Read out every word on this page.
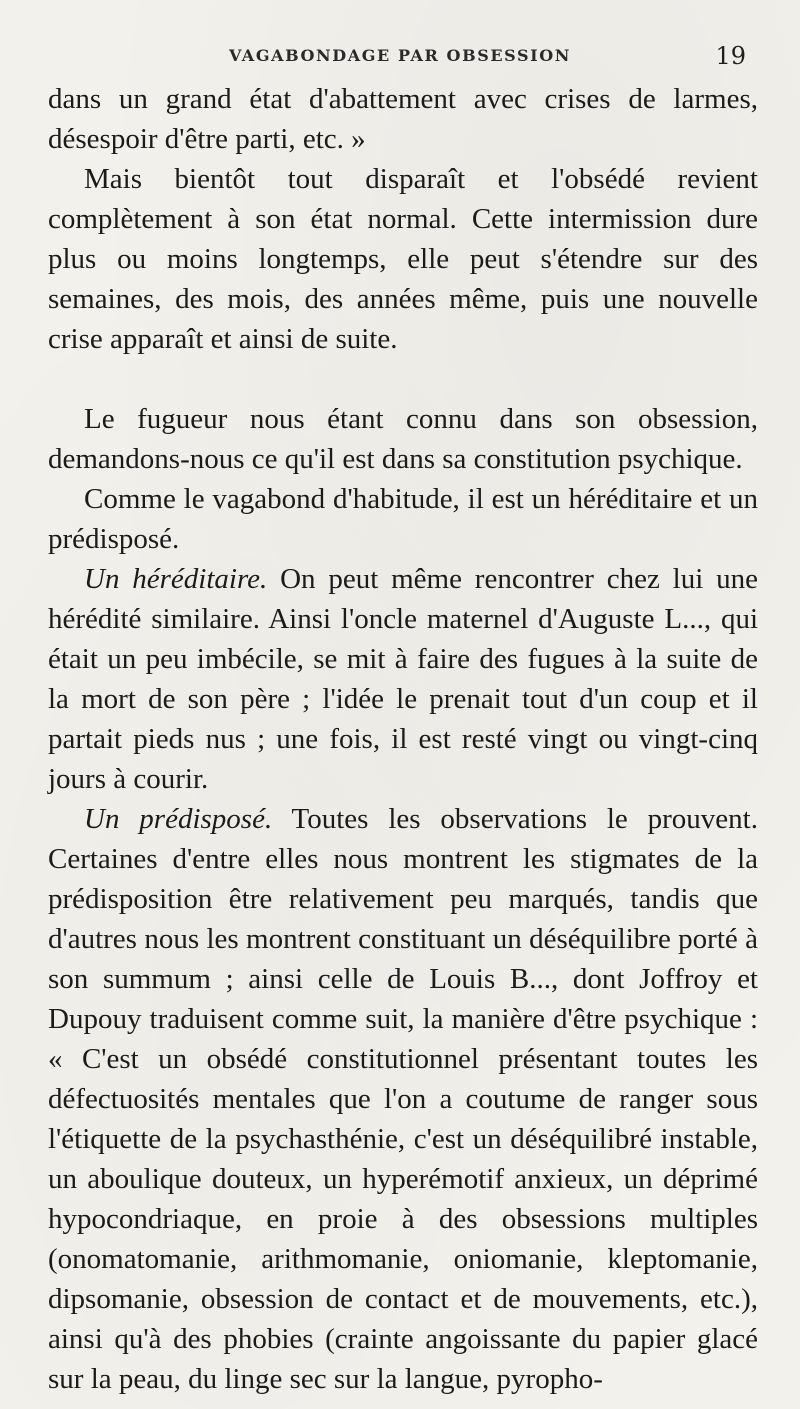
VAGABONDAGE PAR OBSESSION	19

dans un grand état d'abattement avec crises de larmes, désespoir d'être parti, etc. »

Mais bientôt tout disparaît et l'obsédé revient complètement à son état normal. Cette intermission dure plus ou moins longtemps, elle peut s'étendre sur des semaines, des mois, des années même, puis une nouvelle crise apparaît et ainsi de suite.

Le fugueur nous étant connu dans son obsession, demandons-nous ce qu'il est dans sa constitution psychique.

Comme le vagabond d'habitude, il est un héréditaire et un prédisposé.

Un héréditaire. On peut même rencontrer chez lui une hérédité similaire. Ainsi l'oncle maternel d'Auguste L..., qui était un peu imbécile, se mit à faire des fugues à la suite de la mort de son père ; l'idée le prenait tout d'un coup et il partait pieds nus ; une fois, il est resté vingt ou vingt-cinq jours à courir.

Un prédisposé. Toutes les observations le prouvent. Certaines d'entre elles nous montrent les stigmates de la prédisposition être relativement peu marqués, tandis que d'autres nous les montrent constituant un déséquilibre porté à son summum ; ainsi celle de Louis B..., dont Joffroy et Dupouy traduisent comme suit, la manière d'être psychique : « C'est un obsédé constitutionnel présentant toutes les défectuosités mentales que l'on a coutume de ranger sous l'étiquette de la psychasthénie, c'est un déséquilibré instable, un aboulique douteux, un hyperémotif anxieux, un déprimé hypocondriaque, en proie à des obsessions multiples (onomatomanie, arithmomanie, oniomanie, kleptomanie, dipsomanie, obsession de contact et de mouvements, etc.), ainsi qu'à des phobies (crainte angoissante du papier glacé sur la peau, du linge sec sur la langue, pyropho-
